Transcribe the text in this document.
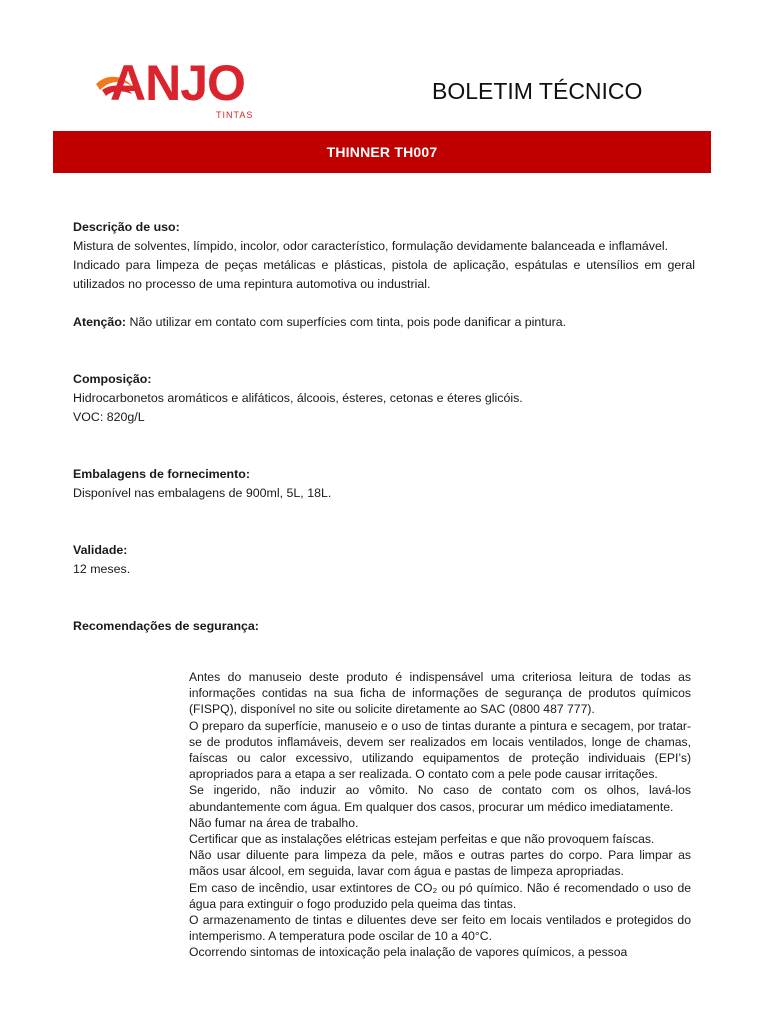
ANJO
TINTAS
BOLETIM TÉCNICO
THINNER TH007

Descrição de uso:

Mistura de solventes, límpido, incolor, odor característico, formulação devidamente balanceada e inflamável.

Indicado para limpeza de peças metálicas e plásticas, pistola de aplicação, espátulas e utensílios em geral utilizados no processo de uma repintura automotiva ou industrial.

Atenção: Não utilizar em contato com superfícies com tinta, pois pode danificar a pintura.

Composição:

Hidrocarbonetos aromáticos e alifáticos, álcoois, ésteres, cetonas e éteres glicóis.

VOC: 820g/L

Embalagens de fornecimento:

Disponível nas embalagens de 900ml, 5L, 18L.

Validade:

12 meses.

Recomendações de segurança:

Antes do manuseio deste produto é indispensável uma criteriosa leitura de todas as informações contidas na sua ficha de informações de segurança de produtos químicos (FISPQ), disponível no site ou solicite diretamente ao SAC (0800 487 777).

O preparo da superfície, manuseio e o uso de tintas durante a pintura e secagem, por tratar-se de produtos inflamáveis, devem ser realizados em locais ventilados, longe de chamas, faíscas ou calor excessivo, utilizando equipamentos de proteção individuais (EPI’s) apropriados para a etapa a ser realizada. O contato com a pele pode causar irritações.

Se ingerido, não induzir ao vômito. No caso de contato com os olhos, lavá-los abundantemente com água. Em qualquer dos casos, procurar um médico imediatamente.

Não fumar na área de trabalho.

Certificar que as instalações elétricas estejam perfeitas e que não provoquem faíscas.

Não usar diluente para limpeza da pele, mãos e outras partes do corpo. Para limpar as mãos usar álcool, em seguida, lavar com água e pastas de limpeza apropriadas.

Em caso de incêndio, usar extintores de CO₂ ou pó químico. Não é recomendado o uso de água para extinguir o fogo produzido pela queima das tintas.

O armazenamento de tintas e diluentes deve ser feito em locais ventilados e protegidos do intemperismo. A temperatura pode oscilar de 10 a 40°C.

Ocorrendo sintomas de intoxicação pela inalação de vapores químicos, a pessoa
